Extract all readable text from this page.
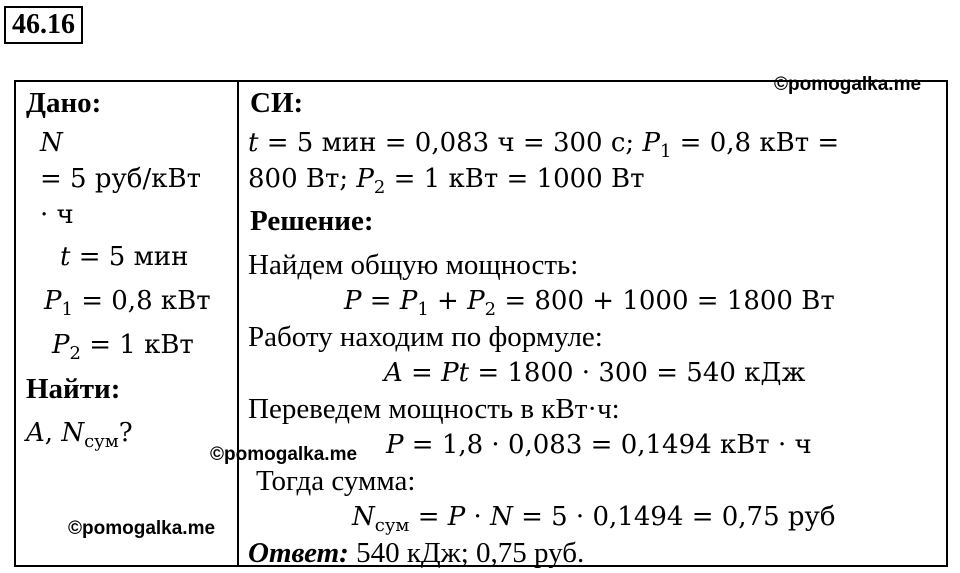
46.16
Дано:
N
= 5 руб/кВт
· ч
t = 5 мин
$P_1 = 0,8$ кВт
$P_2 = 1$ кВт
Найти:
A, $N_{сум}$?
СИ:
t = 5 мин = 0,083 ч = 300 с; $P_1 = 0,8$ кВт =
800 Вт; $P_2 = 1$ кВт = 1000 Вт
Решение:
Найдем общую мощность:
$P = P_1 + P_2 = 800 + 1000 = 1800$ Вт
Работу находим по формуле:
A = Pt = 1800 · 300 = 540 кДж
Переведем мощность в кВт·ч:
P = 1,8 · 0,083 = 0,1494 кВт · ч
Тогда сумма:
$N_{сум} = P \cdot N = 5 \cdot 0,1494 = 0,75$ руб
Ответ: 540 кДж; 0,75 руб.
©pomogalka.me
©pomogalka.me
©pomogalka.me
